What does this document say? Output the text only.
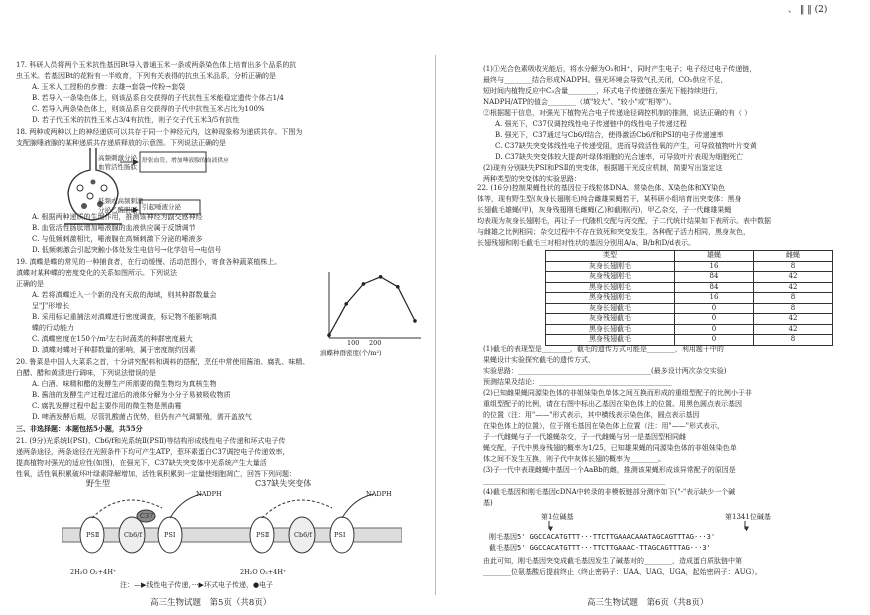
、 ‖ ‖ (2)
17. 科研人员将两个玉米抗性基因Bt导入普通玉米一条或两条染色体上培育出多个品系的抗
虫玉米。若基因Bt的花粉有一半败育，下列有关表得的抗虫玉米品系，分析正确的是
A. 玉米人工授粉的步骤：去雄→套袋→传粉→套袋
B. 若导入一条染色体上，则该品系自交获得的子代抗性玉米能稳定遗传个体占1/4
C. 若导入两条染色体上，则该品系自交获得的子代中抗性玉米占比为100%
D. 若子代玉米的抗性玉米占3/4有抗性，则子交子代玉米3/5有抗性
18. 两种或两种以上的神经递质可以共存于同一个神经元内，这种现象称为递质共存。下图为
支配腺唾液腺的某种递质共存递质释放的示意图。下列说法正确的是
高频刺激分泌
血管活性肠肽
舒张血管，增加唾液腺的血液供应
低频或高频刺激
分泌乙酰胆碱 引起唾液分泌
A. 根据两种递质的生理作用，推测该神经为副交感神经
B. 血管活性肠肽增加唾液腺的血液供应属于反馈调节
C. 与低频刺激相比，唾液腺在高频刺激下分泌的唾液多
D. 低频刺激会引起突触小体处发生电信号→化学信号→电信号
19. 滇蝶是蝶的常见的一种捕食者，在行动缓慢、活动范围小，寄食各种蔬菜植株上。
滇蝶对某种蝶的密度变化的关系如图所示。下列说法
正确的是
A. 若将滇蝶迁入一个新的没有天敌的海域，则其种群数量会
呈"J"形增长
B. 采用标记重捕法对滇蝶进行密度调查，标记物不能影响滇
蝶的行动能力
C. 滇蝶密度在150个/m²左右时蔬类的种群密度最大
D. 滇蝶对蝶对于种群数量的影响，属于密度制约因素
100 200
滇蝶种群密度(个/m²)
20. 鲁菜是中国人大菜系之首，十分讲究配料和调料的搭配，烹任中常使用酱油、腐乳、味精、
白醋、醋和黄渍进行调味，下列说法错误的是
A. 白酒、味精和醋的发酵生产所需要的微生物均为真核生物
B. 酱油的发酵生产过程过滤后的液体分解为小分子易被吸收物质
C. 腐乳发酵过程中起主要作用的微生物是黑曲霉
D. 啤酒发酵后期，尽管乳酸菌占优势，但仍有产气调繁殖，需开盖放气
三、非选择题：本题包括5小题，共55分
21. (9分)光系统Ⅰ(PSⅠ)、Cb6/f和光系统Ⅱ(PSⅡ)等结构形成线性电子传递和环式电子传
递两条途径，两条途径在光照条件下均可产生ATP，惹环素蛋白C37调控电子传递效率，
提高植物对强光的适应性(如图)，在强光下，C37缺失突变体中光系统产生大量活
性氧，活性氧积累破坏叶绿素降解增加，活性氧积累到一定量使细胞凋亡，回答下列问题：
野生型	C37缺失突变体
PSⅡ	Cb6/f	PSⅠ
C37
NADPH
PSⅡ	Cb6/f	PSⅠ
NADPH
2H₂O O₂+4H⁺	2H₂O O₂+4H⁺
注：—▶线性电子传递，···▶环式电子传递，●电子
高三生物试题　第5页（共8页）
(1)①光合色素吸收光能后，将水分解为O₂和H⁺，同时产生电子；电子经过电子传递链，
最终与________结合形成NADPH。强光环境会导致气孔关闭，CO₂供应不足，
短时间内植物反应中C₃含量________，环式电子传递链在强光下能持续进行，
NADPH/ATP的值会________（填"较大"、"较小"或"相等"）。
②根据题干信息，对强光下植物光合电子传递途径调控机制的推测，说法正确的有（ ）
A. 强光下，C37仅调控线性电子传递链中的线性电子传递过程
B. 强光下，C37通过与Cb6/f结合，使得激活Cb6/f和PSⅠ的电子传递速率
C. C37缺失突变体线性电子传递受阻，进而导致活性氧的产生，可导致植物叶片变黄
D. C37缺失突变体较大提高叶绿体细胞的光合速率，可导致叶片表现为细胞死亡
(2)现有分别缺失PSⅠ和PSⅡ的突变体，根据题干光反应机制，简要写出鉴定这
两种类型的突变体的实验思路：
22. (16分)控制果蝇性状的基因位于线粒体DNA、常染色体、X染色体和XY染色
体等，现有野生型(灰身长翅刚毛)纯合雌雄果蝇若干，某科研小组培育出突变体：黑身
长翅截毛雄蝇(甲)，灰身残翅刚毛雌蝇(乙)和截刚(丙)，甲乙杂交，子一代雌雄果蝇
均表现为灰身长翅刚毛，再让子一代随机交配与丙交配，子二代统计结果如下表所示。表中数据
与雌雄之比例相同；杂交过程中不存在致死和突变发生，各种配子活力相同，黑身灰色，
长翅残翅和刚毛截毛三对相对性状的基因分别用A/a、B/b和D/d表示。
类型	雄蝇	雌蝇
灰身长翅刚毛	16	8
灰身残翅刚毛	84	42
黑身长翅刚毛	84	42
黑身残翅刚毛	16	8
灰身长翅截毛	0	8
灰身残翅截毛	0	42
黑身长翅截毛	0	42
黑身残翅截毛	0	8
(1)截毛的表现型是________，截毛的遗传方式可能是________，利用题干中的
果蝇设计实验探究截毛的遗传方式，
实验思路：______________________________________(最多设计两次杂交实验)
预测结果及结论：______________________________________
(2)已知雌果蝇同源染色体的非姐妹染色单体之间互换而形成的重组型配子的比例小于非
重组型配子的比例，请在右图中标出乙基因在染色体上的位置。用黑色圆点表示基因
的位置（注：用"——"形式表示，其中横线表示染色体，圆点表示基因
在染色体上的位置），位于刚毛基因在染色体上位置（注：用"——"形式表示，
子一代雌蝇与子一代雄蝇杂交，子一代雌蝇与另一是基因型相同雌
蝇交配，子代中黑身残翅的概率为1/25，已知雄果蝇的同源染色体的非姐妹染色单
体之间不发生互换，则子代中灰体长翅的概率为________。
(3)子一代中表现雌蝇中基因一个AaBb的雌，推测该果蝇形成该异常配子的原因是
____________________________________________________
(4)截毛基因和刚毛基因cDNA中转录的非模板链部分测序如下("-"表示缺少一个碱
基)
第1位碱基	第1341位碱基
刚毛基因5' GGCCACATGTTT···TTCTTGAAACAAATAGCAGTTTAG···3'
截毛基因5' GGCCACATGTTT···TTCTTGAAAC-TTAGCAGTTTAG···3'
由此可知，刚毛基因突变成截毛基因发生了碱基对的________，造成蛋白质肽链中第
________位氨基酸后提前终止（终止密码子：UAA、UAG、UGA，起始密码子：AUG）。
高三生物试题　第6页（共8页）
